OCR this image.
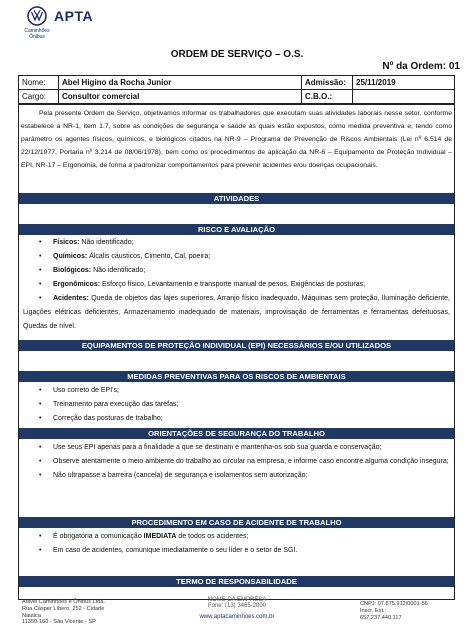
APTA
Caminhões
Ônibus
ORDEM DE SERVIÇO – O.S.
Nº da Ordem: 01
Nome:	Abel Higino da Rocha Junior	Admissão:	25/11/2019
Cargo:	Consultor comercial	C.B.O.:	
Pela presente Ordem de Serviço, objetivamos informar os trabalhadores que executam suas atividades laborais nesse setor, conforme estabelece a NR-1, item 1.7, sobre as condições de segurança e saúde às quais estão expostos, como medida preventiva e, tendo como parâmetro os agentes físicos, químicos, e biológicos citados na NR-9 – Programa de Prevenção de Riscos Ambientais (Lei nº 6.514 de 22/12/1977, Portaria nº 3.214 de 08/06/1978), bem como os procedimentos de aplicação da NR-6 – Equipamento de Proteção Individual – EPI, NR-17 – Ergonomia, de forma a padronizar comportamentos para prevenir acidentes e/ou doenças ocupacionais.
ATIVIDADES
RISCO E AVALIAÇÃO
• Físicos: Não identificado;
• Químicos: Álcalis cáusticos, Cimento, Cal, poeira;
• Biológicos: Não identificado;
• Ergonômicos: Esforço físico, Levantamento e transporte manual de pesos, Exigências de posturas;
• Acidentes: Queda de objetos das lajes superiores, Arranjo físico inadequado, Máquinas sem proteção, Iluminação deficiente, Ligações elétricas deficientes, Armazenamento inadequado de materiais, improvisação de ferramentas e ferramentas defeituosas, Quedas de nível.
EQUIPAMENTOS DE PROTEÇÃO INDIVIDUAL (EPI) NECESSÁRIOS E/OU UTILIZADOS
MEDIDAS PREVENTIVAS PARA OS RISCOS DE AMBIENTAIS
• Uso correto de EPI's;
• Treinamento para execução das tarefas;
• Correção das posturas de trabalho;
ORIENTAÇÕES DE SEGURANÇA DO TRABALHO
• Use seus EPI apenas para a finalidade a que se destinam e mantenha-os sob sua guarda e conservação;
• Observe atentamente o meio ambiente do trabalho ao circular na empresa, e informe caso encontre alguma condição insegura;
• Não ultrapasse a barreira (cancela) de segurança e isolamentos sem autorização;
PROCEDIMENTO EM CASO DE ACIDENTE DE TRABALHO
• É obrigatória a comunicação IMEDIATA de todos os acidentes;
• Em caso de acidentes, comunique imediatamente o seu líder e o setor de SGI.
TERMO DE RESPONSABILIDADE
Adivel Caminhões e Ônibus Ltda.
Rua Cásper Líbero, 252 - Cidade
Náutica
11350-160 - São Vicente - SP
NOME DA EMPRESA
Fone: (13) 3465-2000
www.aptacaminhoes.com.br
CNPJ: 07.875.912/0001-56
Inscr. Est.:
657.237.440.117
